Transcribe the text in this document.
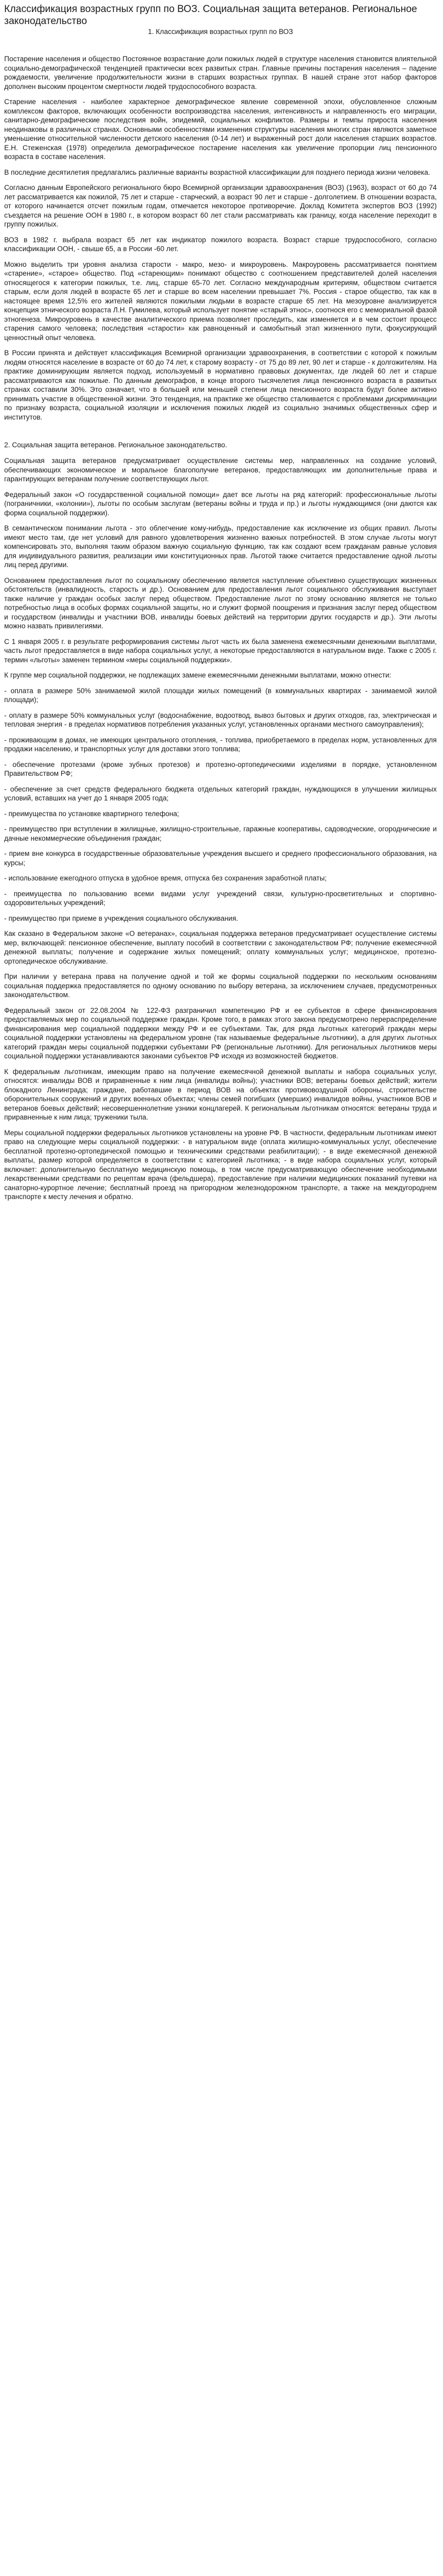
Классификация возрастных групп по ВОЗ. Социальная защита ветеранов. Региональное законодательство
1. Классификация возрастных групп по ВОЗ

Постарение населения и общество Постоянное возрастание доли пожилых людей в структуре населения становится влиятельной социально-демографической тенденцией практически всех развитых стран. Главные причины постарения населения – падение рождаемости, увеличение продолжительности жизни в старших возрастных группах. В нашей стране этот набор факторов дополнен высоким процентом смертности людей трудоспособного возраста.

Старение населения - наиболее характерное демографическое явление современной эпохи, обусловленное сложным комплексом факторов, включающих особенности воспроизводства населения, интенсивность и направленность его миграции, санитарно-демографические последствия войн, эпидемий, социальных конфликтов. Размеры и темпы прироста населения неодинаковы в различных странах. Основными особенностями изменения структуры населения многих стран являются заметное уменьшение относительной численности детского населения (0-14 лет) и выраженный рост доли населения старших возрастов. Е.Н. Стеженская (1978) определила демографическое постарение населения как увеличение пропорции лиц пенсионного возраста в составе населения.

В последние десятилетия предлагались различные варианты возрастной классификации для позднего периода жизни человека.

Согласно данным Европейского регионального бюро Всемирной организации здравоохранения (ВОЗ) (1963), возраст от 60 до 74 лет рассматривается как пожилой, 75 лет и старше - старческий, а возраст 90 лет и старше - долголетием. В отношении возраста, от которого начинается отсчет пожилым годам, отмечается некоторое противоречие. Доклад Комитета экспертов ВОЗ (1992) съездается на решение ООН в 1980 г., в котором возраст 60 лет стали рассматривать как границу, когда население переходит в группу пожилых.

ВОЗ в 1982 г. выбрала возраст 65 лет как индикатор пожилого возраста. Возраст старше трудоспособного, согласно классификации ООН, - свыше 65, а в России -60 лет.

Можно выделить три уровня анализа старости - макро, мезо- и микроуровень. Макроуровень рассматривается понятием «старение», «старое» общество. Под «стареющим» понимают общество с соотношением представителей долей населения относящегося к категории пожилых, т.е. лиц, старше 65-70 лет. Согласно международным критериям, обществом считается старым, если доля людей в возрасте 65 лет и старше во всем населении превышает 7%. Россия - старое общество, так как в настоящее время 12,5% его жителей являются пожилыми людьми в возрасте старше 65 лет. На мезоуровне анализируется концепция этнического возраста Л.Н. Гумилева, который использует понятие «старый этнос», соотнося его с мемориальной фазой этногенеза. Микроуровень в качестве аналитического приема позволяет проследить, как изменяется и в чем состоит процесс старения самого человека; последствия «старости» как равноценный и самобытный этап жизненного пути, фокусирующий ценностный опыт человека.

В России принята и действует классификация Всемирной организации здравоохранения, в соответствии с которой к пожилым людям относятся население в возрасте от 60 до 74 лет, к старому возрасту - от 75 до 89 лет, 90 лет и старше - к долгожителям. На практике доминирующим является подход, используемый в нормативно правовых документах, где людей 60 лет и старше рассматриваются как пожилые. По данным демографов, в конце второго тысячелетия лица пенсионного возраста в развитых странах составили 30%. Это означает, что в большей или меньшей степени лица пенсионного возраста будут более активно принимать участие в общественной жизни. Это тенденция, на практике же общество сталкивается с проблемами дискриминации по признаку возраста, социальной изоляции и исключения пожилых людей из социально значимых общественных сфер и институтов.

2. Социальная защита ветеранов. Региональное законодательство.

Социальная защита ветеранов предусматривает осуществление системы мер, направленных на создание условий, обеспечивающих экономическое и моральное благополучие ветеранов, предоставляющих им дополнительные права и гарантирующих ветеранам получение соответствующих льгот.

Федеральный закон «О государственной социальной помощи» дает все льготы на ряд категорий: профессиональные льготы (пограничники, «колонии»), льготы по особым заслугам (ветераны войны и труда и пр.) и льготы нуждающимся (они даются как форма социальной поддержки).

В семантическом понимании льгота - это облегчение кому-нибудь, предоставление как исключение из общих правил. Льготы имеют место там, где нет условий для равного удовлетворения жизненно важных потребностей. В этом случае льготы могут компенсировать это, выполняя таким образом важную социальную функцию, так как создают всем гражданам равные условия для индивидуального развития, реализации ими конституционных прав. Льготой также считается предоставление одной льготы лиц перед другими.

Основанием предоставления льгот по социальному обеспечению является наступление объективно существующих жизненных обстоятельств (инвалидность, старость и др.). Основанием для предоставления льгот социального обслуживания выступает также наличие у граждан особых заслуг перед обществом. Предоставление льгот по этому основанию является не только потребностью лица в особых формах социальной защиты, но и служит формой поощрения и признания заслуг перед обществом и государством (инвалиды и участники ВОВ, инвалиды боевых действий на территории других государств и др.). Эти льготы можно назвать привилегиями.

С 1 января 2005 г. в результате реформирования системы льгот часть их была заменена ежемесячными денежными выплатами, часть льгот предоставляется в виде набора социальных услуг, а некоторые предоставляются в натуральном виде. Также с 2005 г. термин «льготы» заменен термином «меры социальной поддержки».

К группе мер социальной поддержки, не подлежащих замене ежемесячными денежными выплатами, можно отнести:

- оплата в размере 50% занимаемой жилой площади жилых помещений (в коммунальных квартирах - занимаемой жилой площади);

- оплату в размере 50% коммунальных услуг (водоснабжение, водоотвод, вывоз бытовых и других отходов, газ, электрическая и тепловая энергия - в пределах нормативов потребления указанных услуг, установленных органами местного самоуправления);

- проживающим в домах, не имеющих центрального отопления, - топлива, приобретаемого в пределах норм, установленных для продажи населению, и транспортных услуг для доставки этого топлива;

- обеспечение протезами (кроме зубных протезов) и протезно-ортопедическими изделиями в порядке, установленном Правительством РФ;

- обеспечение за счет средств федерального бюджета отдельных категорий граждан, нуждающихся в улучшении жилищных условий, вставших на учет до 1 января 2005 года;

- преимущества по установке квартирного телефона;

- преимущество при вступлении в жилищные, жилищно-строительные, гаражные кооперативы, садоводческие, огороднические и дачные некоммерческие объединения граждан;

- прием вне конкурса в государственные образовательные учреждения высшего и среднего профессионального образования, на курсы;

- использование ежегодного отпуска в удобное время, отпуска без сохранения заработной платы;

- преимущества по пользованию всеми видами услуг учреждений связи, культурно-просветительных и спортивно-оздоровительных учреждений;

- преимущество при приеме в учреждения социального обслуживания.

Как сказано в Федеральном законе «О ветеранах», социальная поддержка ветеранов предусматривает осуществление системы мер, включающей: пенсионное обеспечение, выплату пособий в соответствии с законодательством РФ; получение ежемесячной денежной выплаты; получение и содержание жилых помещений; оплату коммунальных услуг; медицинское, протезно-ортопедическое обслуживание.

При наличии у ветерана права на получение одной и той же формы социальной поддержки по нескольким основаниям социальная поддержка предоставляется по одному основанию по выбору ветерана, за исключением случаев, предусмотренных законодательством.

Федеральный закон от 22.08.2004 № 122-ФЗ разграничил компетенцию РФ и ее субъектов в сфере финансирования предоставляемых мер по социальной поддержке граждан. Кроме того, в рамках этого закона предусмотрено перераспределение финансирования мер социальной поддержки между РФ и ее субъектами. Так, для ряда льготных категорий граждан меры социальной поддержки установлены на федеральном уровне (так называемые федеральные льготники), а для других льготных категорий граждан меры социальной поддержки субъектами РФ (региональные льготники). Для региональных льготников меры социальной поддержки устанавливаются законами субъектов РФ исходя из возможностей бюджетов.

К федеральным льготникам, имеющим право на получение ежемесячной денежной выплаты и набора социальных услуг, относятся: инвалиды ВОВ и приравненные к ним лица (инвалиды войны); участники ВОВ; ветераны боевых действий; жители блокадного Ленинграда; граждане, работавшие в период ВОВ на объектах противовоздушной обороны, строительстве оборонительных сооружений и других военных объектах; члены семей погибших (умерших) инвалидов войны, участников ВОВ и ветеранов боевых действий; несовершеннолетние узники концлагерей. К региональным льготникам относятся: ветераны труда и приравненные к ним лица; труженики тыла.

Меры социальной поддержки федеральных льготников установлены на уровне РФ. В частности, федеральным льготникам имеют право на следующие меры социальной поддержки: - в натуральном виде (оплата жилищно-коммунальных услуг, обеспечение бесплатной протезно-ортопедической помощью и техническими средствами реабилитации); - в виде ежемесячной денежной выплаты, размер которой определяется в соответствии с категорией льготника; - в виде набора социальных услуг, который включает: дополнительную бесплатную медицинскую помощь, в том числе предусматривающую обеспечение необходимыми лекарственными средствами по рецептам врача (фельдшера), предоставление при наличии медицинских показаний путевки на санаторно-курортное лечение; бесплатный проезд на пригородном железнодорожном транспорте, а также на междугороднем транспорте к месту лечения и обратно.
